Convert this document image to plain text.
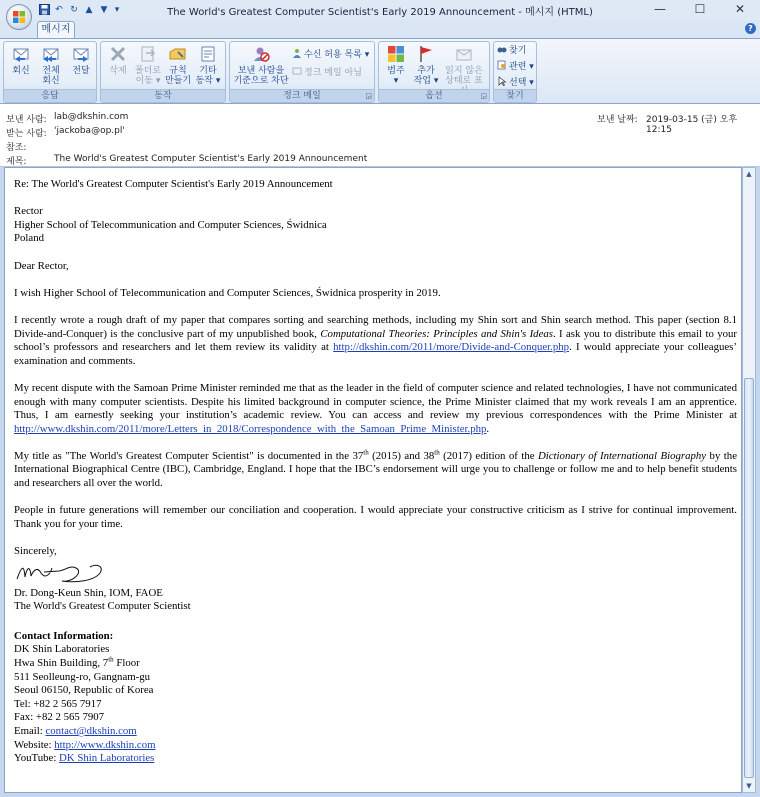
↶ ↻ ▲ ▼ ▾	The World's Greatest Computer Scientist's Early 2019 Announcement - 메시지 (HTML)	—	☐	✕
메시지	?
회신	전체
회신
전달
응답
삭제 폴더로
이동 ▾
규칙
만들기
기타
동작 ▾
동작
보낸 사람을
기준으로 차단
수신 허용 목록 ▾
정크 메일 아님
정크 메일	◲
범주
▾
추가
작업 ▾
읽지 않은
상태로 표
옵션	◲
찾기
관련 ▾
선택 ▾
찾기
보낸 사람: lab@dkshin.com
받는 사람: 'jackoba@op.pl'
참조:
제목:	The World's Greatest Computer Scientist's Early 2019 Announcement
보낸 날짜: 2019-03-15 (금) 오후 12:15

Re: The World's Greatest Computer Scientist's Early 2019 Announcement

Rector
Higher School of Telecommunication and Computer Sciences, Świdnica
Poland

Dear Rector,

I wish Higher School of Telecommunication and Computer Sciences, Świdnica prosperity in 2019.

I recently wrote a rough draft of my paper that compares sorting and searching methods, including my Shin sort and Shin search method. This paper (section 8.1 Divide-and-Conquer) is the conclusive part of my unpublished book, Computational Theories: Principles and Shin's Ideas. I ask you to distribute this email to your school’s professors and researchers and let them review its validity at http://dkshin.com/2011/more/Divide-and-Conquer.php. I would appreciate your colleagues’ examination and comments.

My recent dispute with the Samoan Prime Minister reminded me that as the leader in the field of computer science and related technologies, I have not communicated enough with many computer scientists. Despite his limited background in computer science, the Prime Minister claimed that my work reveals I am an apprentice. Thus, I am earnestly seeking your institution’s academic review. You can access and review my previous correspondences with the Prime Minister at http://www.dkshin.com/2011/more/Letters_in_2018/Correspondence_with_the_Samoan_Prime_Minister.php.

My title as "The World's Greatest Computer Scientist" is documented in the 37th (2015) and 38th (2017) edition of the Dictionary of International Biography by the International Biographical Centre (IBC), Cambridge, England. I hope that the IBC’s endorsement will urge you to challenge or follow me and to help benefit students and researchers all over the world.

People in future generations will remember our conciliation and cooperation. I would appreciate your constructive criticism as I strive for continual improvement. Thank you for your time.

Sincerely,
Dr. Dong-Keun Shin, IOM, FAOE
The World's Greatest Computer Scientist
Contact Information:
DK Shin Laboratories
Hwa Shin Building, 7th Floor
511 Seolleung-ro, Gangnam-gu
Seoul 06150, Republic of Korea
Tel: +82 2 565 7917
Fax: +82 2 565 7907
Email: contact@dkshin.com
Website: http://www.dkshin.com
YouTube: DK Shin Laboratories
▲
▼
